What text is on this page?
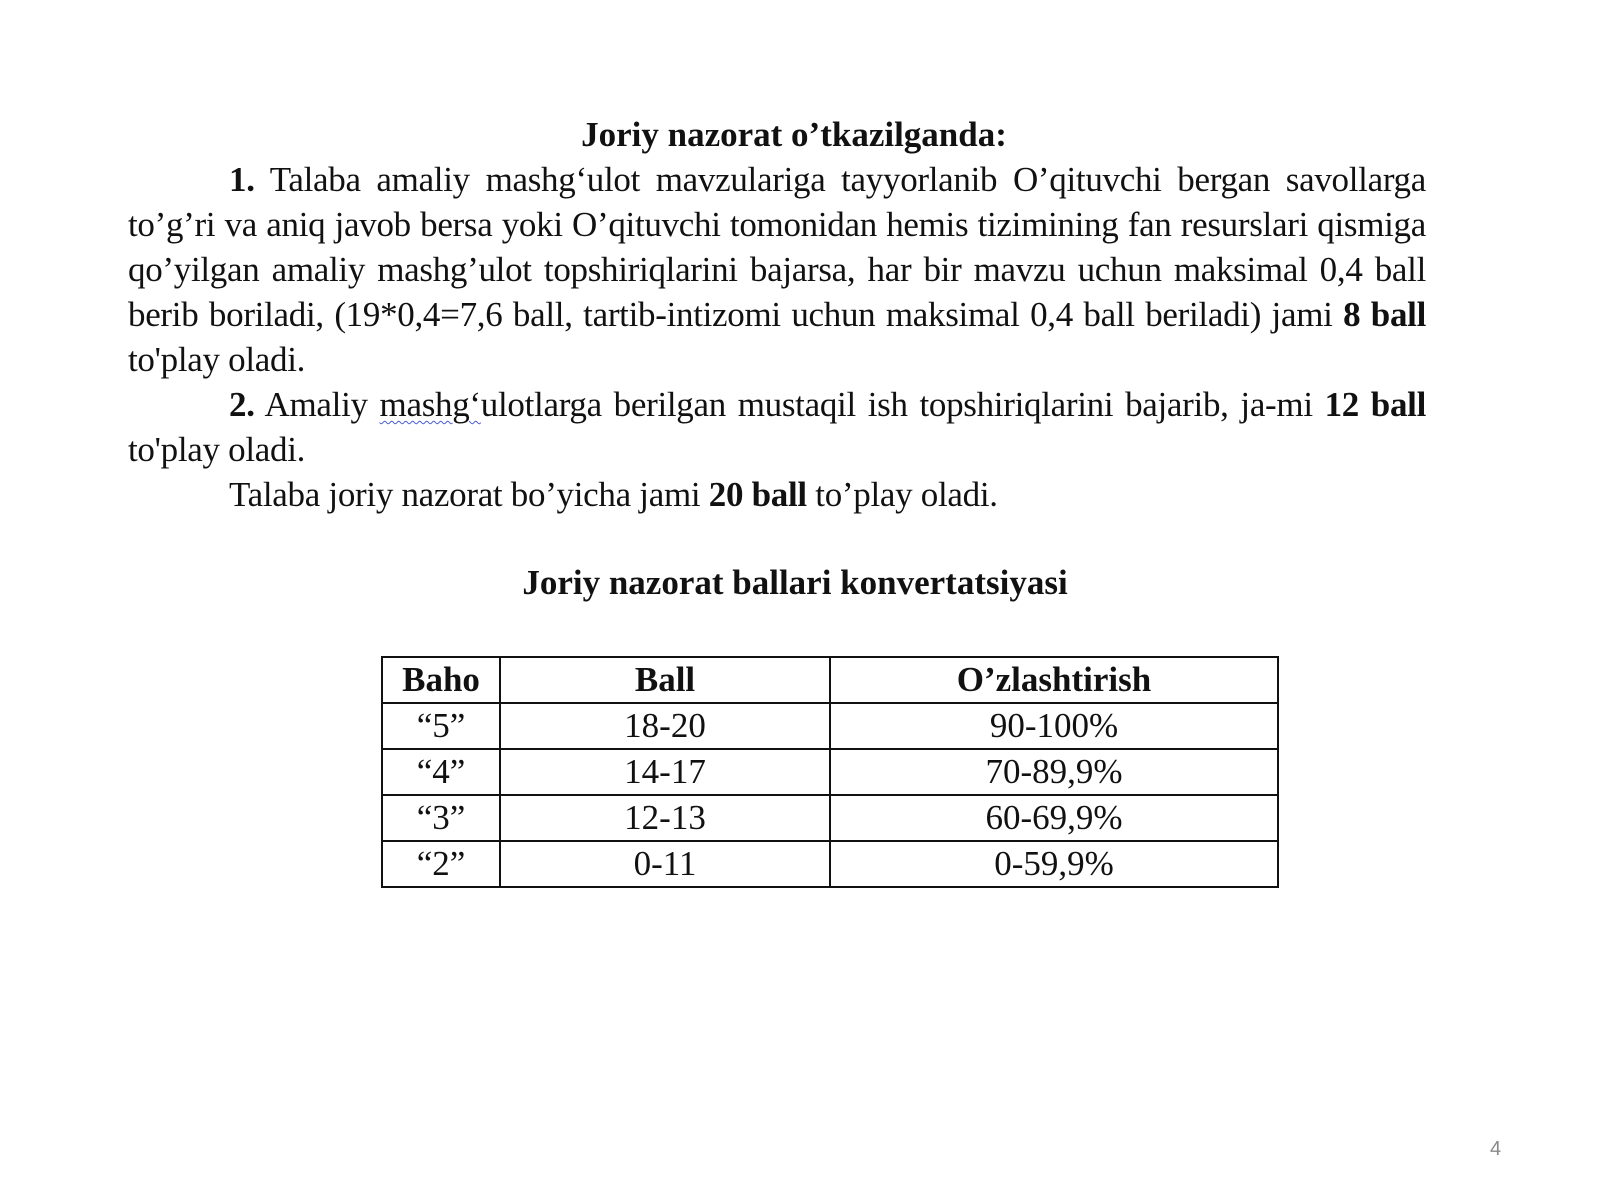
Joriy nazorat o’tkazilganda:

1. Talaba amaliy mashg‘ulot mavzulariga tayyorlanib O’qituvchi bergan savollarga to’g’ri va aniq javob bersa yoki O’qituvchi tomonidan hemis tizimining fan resurslari qismiga qo’yilgan amaliy mashg’ulot topshiriqlarini bajarsa, har bir mavzu uchun maksimal 0,4 ball berib boriladi, (19*0,4=7,6 ball, tartib-intizomi uchun maksimal 0,4 ball beriladi) jami 8 ball to'play oladi.

2. Amaliy mashg‘ulotlarga berilgan mustaqil ish topshiriqlarini bajarib, ja-mi 12 ball to'play oladi.

Talaba joriy nazorat bo’yicha jami 20 ball to’play oladi.

Joriy nazorat ballari konvertatsiyasi

Baho	Ball	O’zlashtirish
“5”	18-20	90-100%
“4”	14-17	70-89,9%
“3”	12-13	60-69,9%
“2”	0-11	0-59,9%
4
